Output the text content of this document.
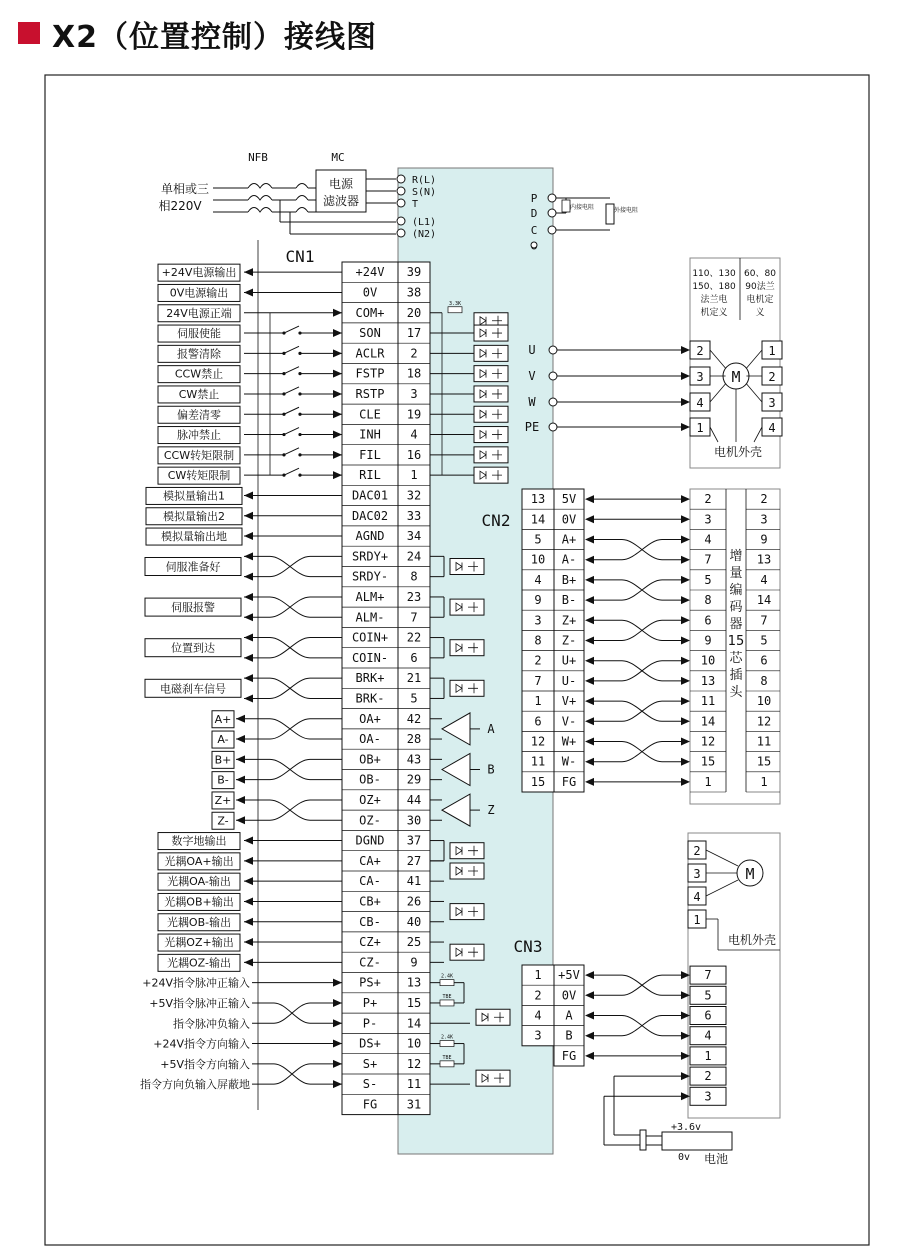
X2（位置控制）接线图
NFB	MC
单相或三
相220V
电源
滤波器
R(L)
S(N)
T
(L1)
(N2)
P
D
C
内接电阻	外接电阻
CN1
+24V 39
0V 38
COM+ 20
SON 17
ACLR 2
FSTP 18
RSTP 3
CLE 19
INH 4
FIL 16
RIL 1
DAC01 32
DAC02 33
AGND 34
SRDY+ 24
SRDY- 8
ALM+ 23
ALM- 7
COIN+ 22
COIN- 6
BRK+ 21
BRK- 5
OA+ 42
OA- 28
OB+ 43
OB- 29
OZ+ 44
OZ- 30
DGND 37
CA+ 27
CA- 41
CB+ 26
CB- 40
CZ+ 25
CZ- 9
PS+ 13
P+ 15
P- 14
DS+ 10
S+ 12
S- 11
FG 31
+24V电源输出
0V电源输出
24V电源正端
伺服使能
报警清除
CCW禁止
CW禁止
偏差清零
脉冲禁止
CCW转矩限制
CW转矩限制
模拟量输出1
模拟量输出2
模拟量输出地
伺服准备好
伺服报警
位置到达
电磁刹车信号
A+
A-
B+
B-
Z+
Z-
数字地输出
光耦OA+输出
光耦OA-输出
光耦OB+输出
光耦OB-输出
光耦OZ+输出
光耦OZ-输出
+24V指令脉冲正输入
+5V指令脉冲正输入
指令脉冲负输入
+24V指令方向输入
+5V指令方向输入
指令方向负输入屏蔽地
3.3K
A
B
Z
2.4K
TBE
2.4K
TBE
U
V
W
PE
110、130
150、180
法兰电
机定义
60、80
90法兰
电机定
义
2
3
4
1
1
2
3
4
M
电机外壳
CN2
13 5V	2	2
14 0V	3	3
5 A+	4	9
10 A-	7	13
4 B+	5	4
9 B-	8	14
3 Z+	6	7
8 Z-	9	5
2 U+	10	6
7 U-	13	8
1 V+	11	10
6 V-	14	12
12 W+	12	11
11 W-	15	15
15 FG	1	1
增
量
编
码
器
15
芯
插
头
2
3
4
1
M
电机外壳
CN3
1 +5V	7
2 0V	5
4 A	6
3 B	4
FG	1
2
3
+3.6v
0v 电池
